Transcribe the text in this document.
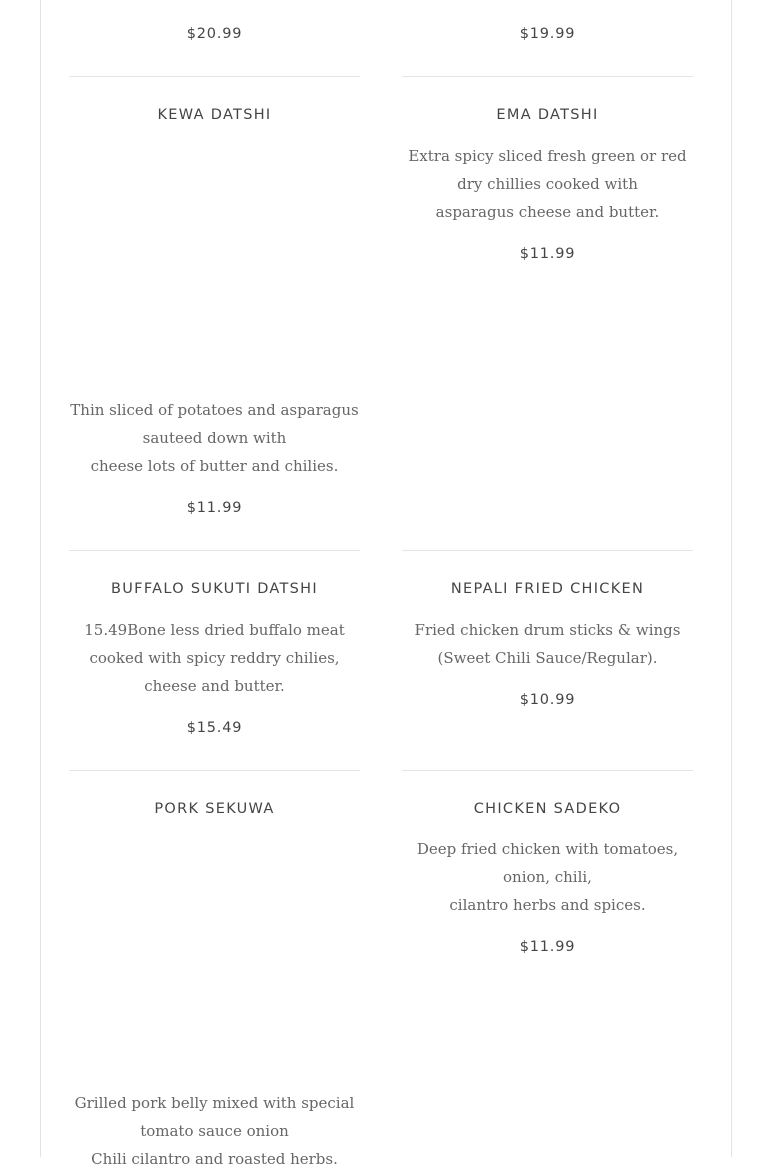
$20.99	$19.99
KEWA DATSHI
Thin sliced of potatoes and asparagus
sauteed down with
cheese lots of butter and chilies.
$11.99
EMA DATSHI
Extra spicy sliced fresh green or red
dry chillies cooked with
asparagus cheese and butter.
$11.99
BUFFALO SUKUTI DATSHI
15.49Bone less dried buffalo meat
cooked with spicy reddry chilies,
cheese and butter.
$15.49
NEPALI FRIED CHICKEN
Fried chicken drum sticks & wings
(Sweet Chili Sauce/Regular).
$10.99
PORK SEKUWA
Grilled pork belly mixed with special
tomato sauce onion
Chili cilantro and roasted herbs.
CHICKEN SADEKO
Deep fried chicken with tomatoes,
onion, chili,
cilantro herbs and spices.
$11.99
